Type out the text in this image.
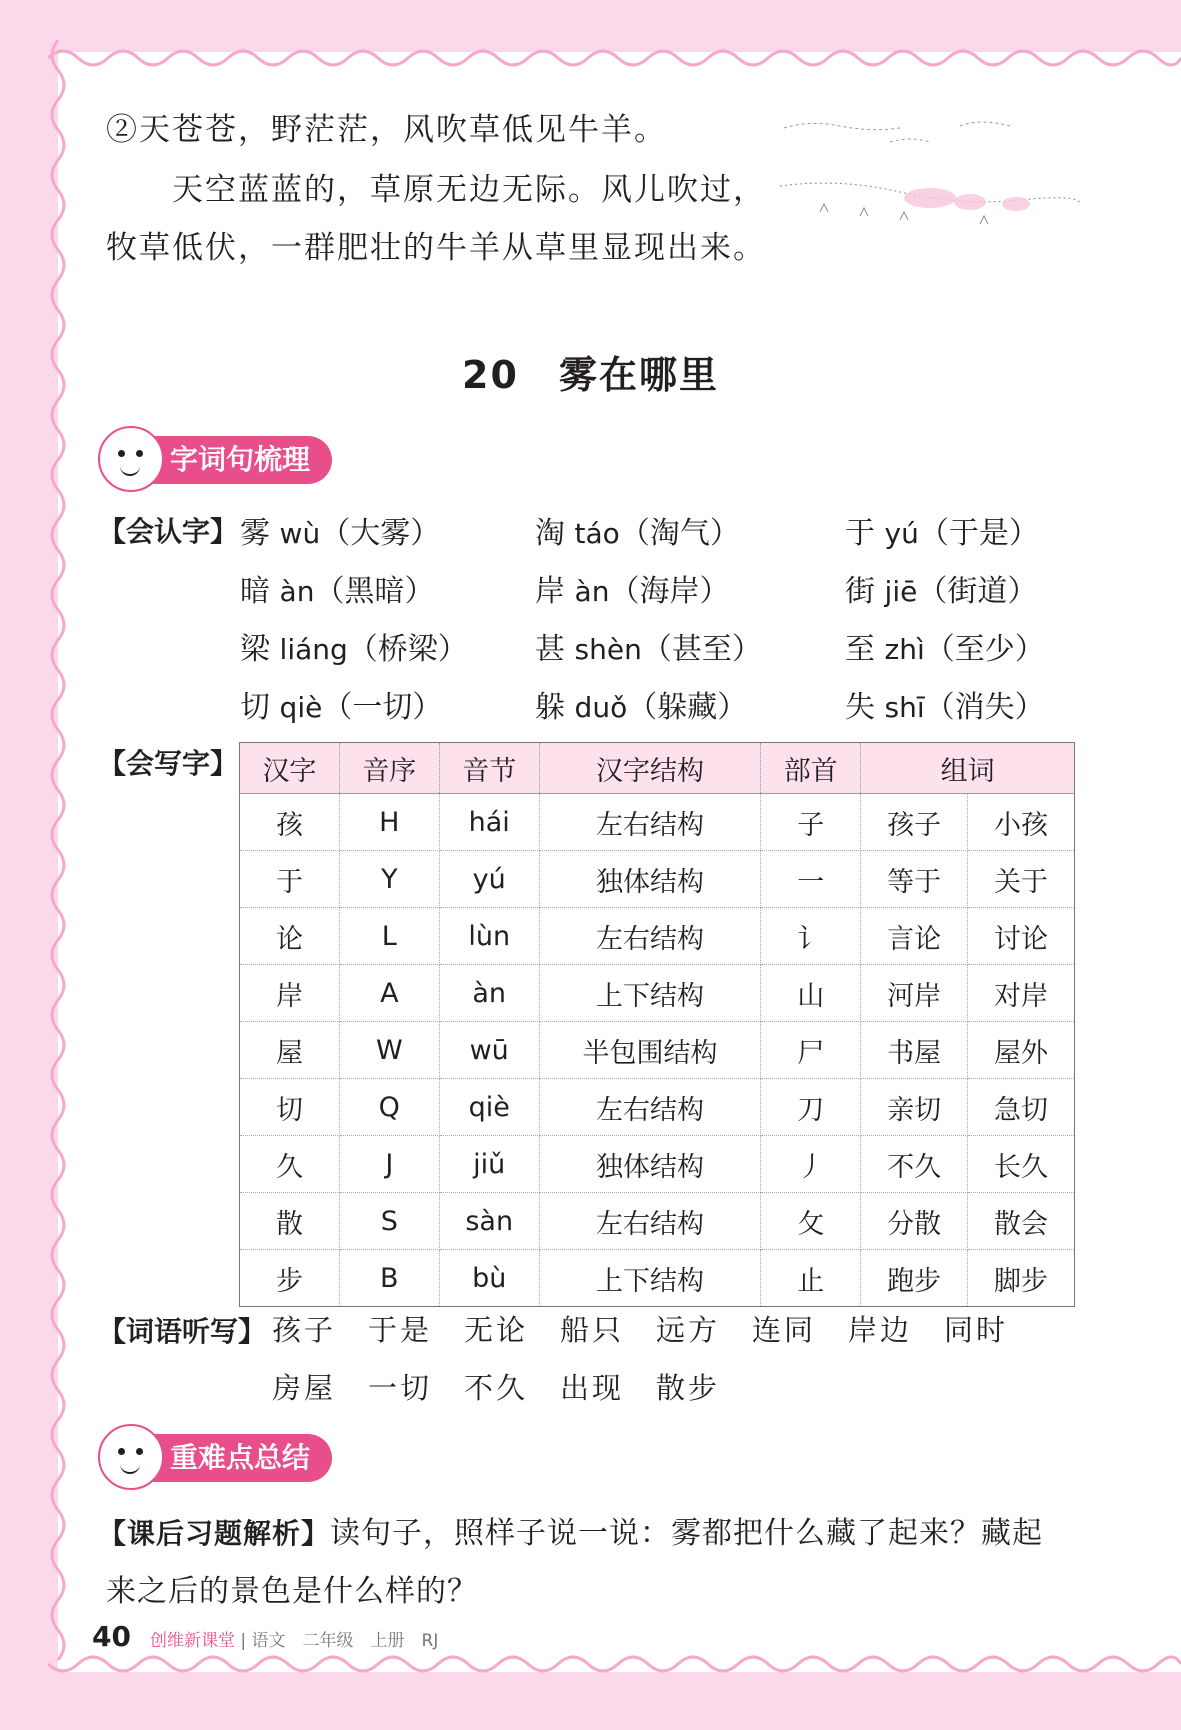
②天苍苍，野茫茫，风吹草低见牛羊。
天空蓝蓝的，草原无边无际。风儿吹过，
牧草低伏，一群肥壮的牛羊从草里显现出来。
20 雾在哪里
字词句梳理
【会认字】 雾 wù（大雾）	淘 táo（淘气）	于 yú（于是）
暗 àn（黑暗）	岸 àn（海岸）	街 jiē（街道）
梁 liáng（桥梁） 甚 shèn（甚至）	至 zhì（至少）
切 qiè（一切）	躲 duǒ（躲藏）	失 shī（消失）
【会写字】 汉字	音序	音节	汉字结构	部首	组词	
孩	H	hái	左右结构	子	孩子	小孩
于	Y	yú	独体结构	一	等于	关于
论	L	lùn	左右结构	讠	言论	讨论
岸	A	àn	上下结构	山	河岸	对岸
屋	W	wū	半包围结构	尸	书屋	屋外
切	Q	qiè	左右结构	刀	亲切	急切
久	J	jiǔ	独体结构	丿	不久	长久
散	S	sàn	左右结构	攵	分散	散会
步	B	bù	上下结构	止	跑步	脚步
【词语听写】 孩子　于是　无论　船只　远方　连同　岸边　同时
房屋　一切　不久　出现　散步
重难点总结
【课后习题解析】读句子，照样子说一说：雾都把什么藏了起来？藏起
来之后的景色是什么样的？
40 创维新课堂 | 语文　二年级　上册　RJ
